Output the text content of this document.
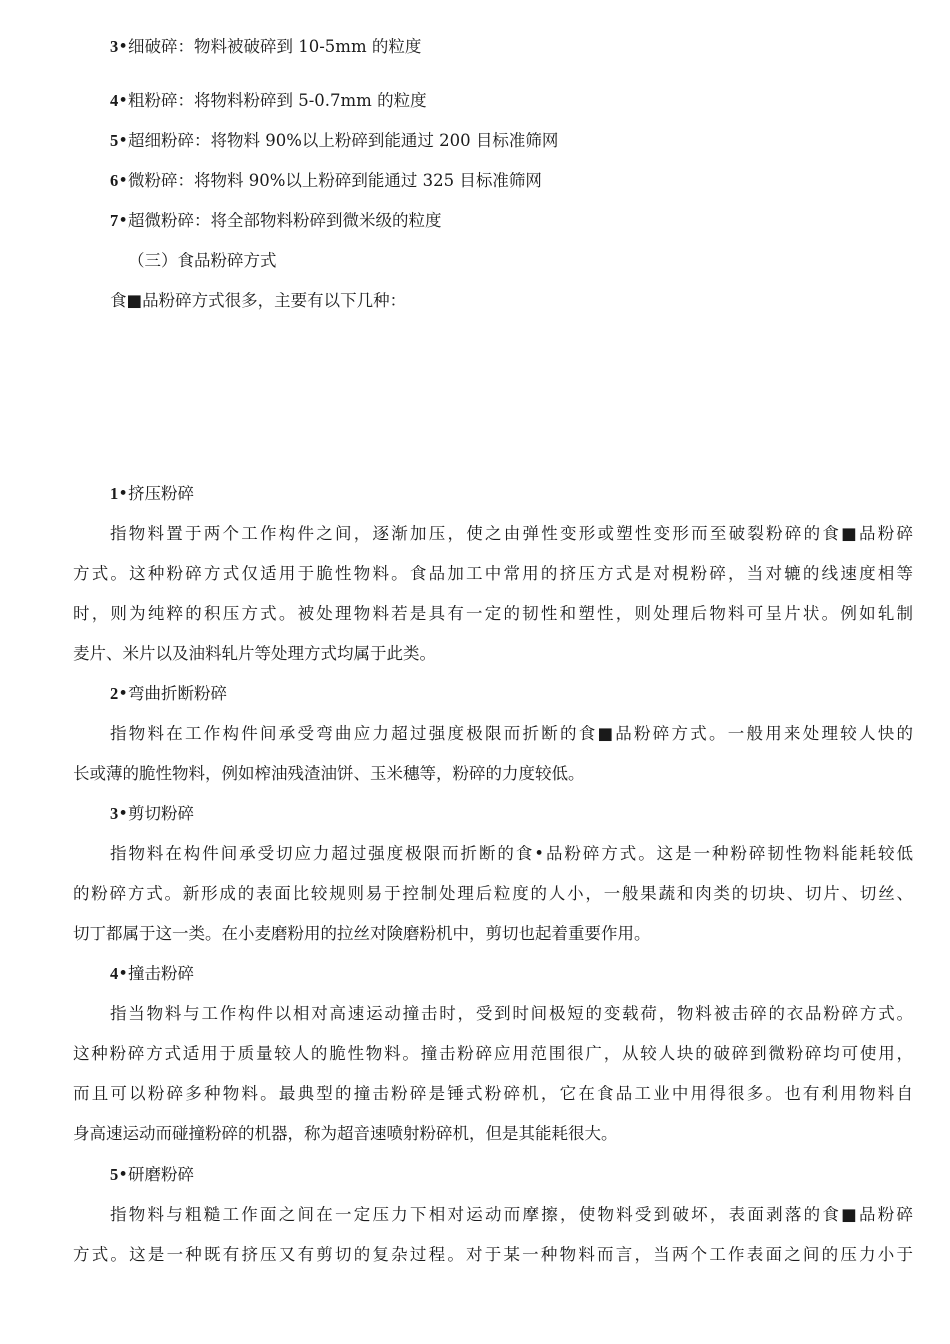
3•细破碎：物料被破碎到 10-5mm 的粒度
4•粗粉碎：将物料粉碎到 5-0.7mm 的粒度
5•超细粉碎：将物料 90%以上粉碎到能通过 200 目标准筛网
6•微粉碎：将物料 90%以上粉碎到能通过 325 目标准筛网
7•超微粉碎：将全部物料粉碎到微米级的粒度
（三）食品粉碎方式
食■品粉碎方式很多，主要有以下几种：
1•挤压粉碎
指物料置于两个工作构件之间，逐渐加压，使之由弹性变形或塑性变形而至破裂粉碎的食■品粉碎
方式。这种粉碎方式仅适用于脆性物料。食品加工中常用的挤压方式是对梘粉碎，当对辘的线速度相等
时，则为纯粹的积压方式。被处理物料若是具有一定的韧性和塑性，则处理后物料可呈片状。例如轧制
麦片、米片以及油料轧片等处理方式均属于此类。
2•弯曲折断粉碎
指物料在工作构件间承受弯曲应力超过强度极限而折断的食■品粉碎方式。一般用来处理较人快的
长或薄的脆性物料，例如榨油残渣油饼、玉米穗等，粉碎的力度较低。
3•剪切粉碎
指物料在构件间承受切应力超过强度极限而折断的食•品粉碎方式。这是一种粉碎韧性物料能耗较低
的粉碎方式。新形成的表面比较规则易于控制处理后粒度的人小，一般果蔬和肉类的切块、切片、切丝、
切丁都属于这一类。在小麦磨粉用的拉丝对険磨粉机中，剪切也起着重要作用。
4•撞击粉碎
指当物料与工作构件以相对高速运动撞击时，受到时间极短的变载荷，物料被击碎的衣品粉碎方式。
这种粉碎方式适用于质量较人的脆性物料。撞击粉碎应用范围很广，从较人块的破碎到微粉碎均可使用，
而且可以粉碎多种物料。最典型的撞击粉碎是锤式粉碎机，它在食品工业中用得很多。也有利用物料自
身高速运动而碰撞粉碎的机器，称为超音速喷射粉碎机，但是其能耗很大。
5•研磨粉碎
指物料与粗糙工作面之间在一定压力下相对运动而摩擦，使物料受到破坏，表面剥落的食■品粉碎
方式。这是一种既有挤压又有剪切的复杂过程。对于某一种物料而言，当两个工作表面之间的压力小于
